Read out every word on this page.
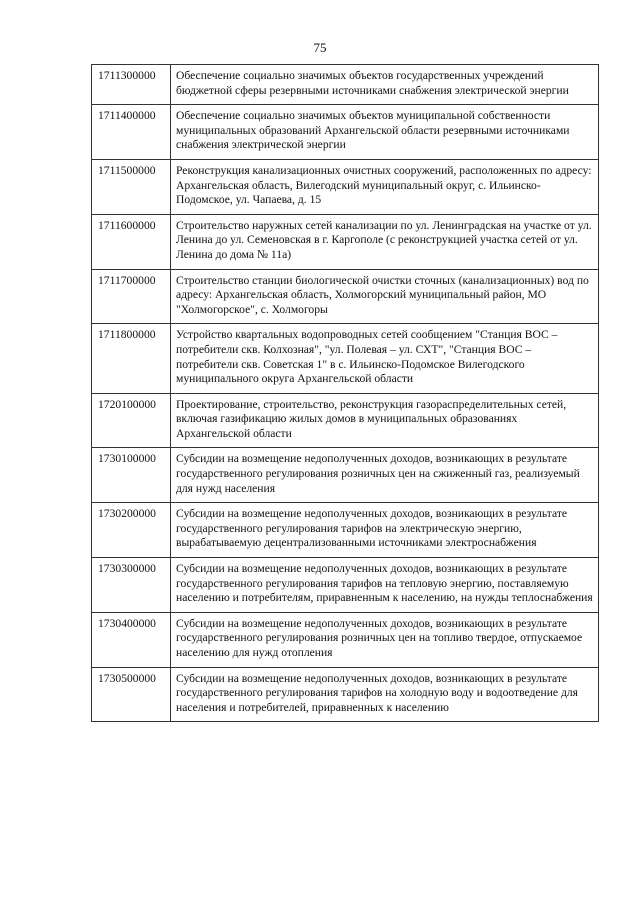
75
1711300000	Обеспечение социально значимых объектов государственных учреждений бюджетной сферы резервными источниками снабжения электрической энергии
1711400000	Обеспечение социально значимых объектов муниципальной собственности муниципальных образований Архангельской области резервными источниками снабжения электрической энергии
1711500000	Реконструкция канализационных очистных сооружений, расположенных по адресу: Архангельская область, Вилегодский муниципальный округ, с. Ильинско-Подомское, ул. Чапаева, д. 15
1711600000	Строительство наружных сетей канализации по ул. Ленинградская на участке от ул. Ленина до ул. Семеновская в г. Каргополе (с реконструкцией участка сетей от ул. Ленина до дома № 11а)
1711700000	Строительство станции биологической очистки сточных (канализационных) вод по адресу: Архангельская область, Холмогорский муниципальный район, МО "Холмогорское", с. Холмогоры
1711800000	Устройство квартальных водопроводных сетей сообщением "Станция ВОС – потребители скв. Колхозная", "ул. Полевая – ул. СХТ", "Станция ВОС – потребители скв. Советская 1" в с. Ильинско-Подомское Вилегодского муниципального округа Архангельской области
1720100000	Проектирование, строительство, реконструкция газораспределительных сетей, включая газификацию жилых домов в муниципальных образованиях Архангельской области
1730100000	Субсидии на возмещение недополученных доходов, возникающих в результате государственного регулирования розничных цен на сжиженный газ, реализуемый для нужд населения
1730200000	Субсидии на возмещение недополученных доходов, возникающих в результате государственного регулирования тарифов на электрическую энергию, вырабатываемую децентрализованными источниками электроснабжения
1730300000	Субсидии на возмещение недополученных доходов, возникающих в результате государственного регулирования тарифов на тепловую энергию, поставляемую населению и потребителям, приравненным к населению, на нужды теплоснабжения
1730400000	Субсидии на возмещение недополученных доходов, возникающих в результате государственного регулирования розничных цен на топливо твердое, отпускаемое населению для нужд отопления
1730500000	Субсидии на возмещение недополученных доходов, возникающих в результате государственного регулирования тарифов на холодную воду и водоотведение для населения и потребителей, приравненных к населению
